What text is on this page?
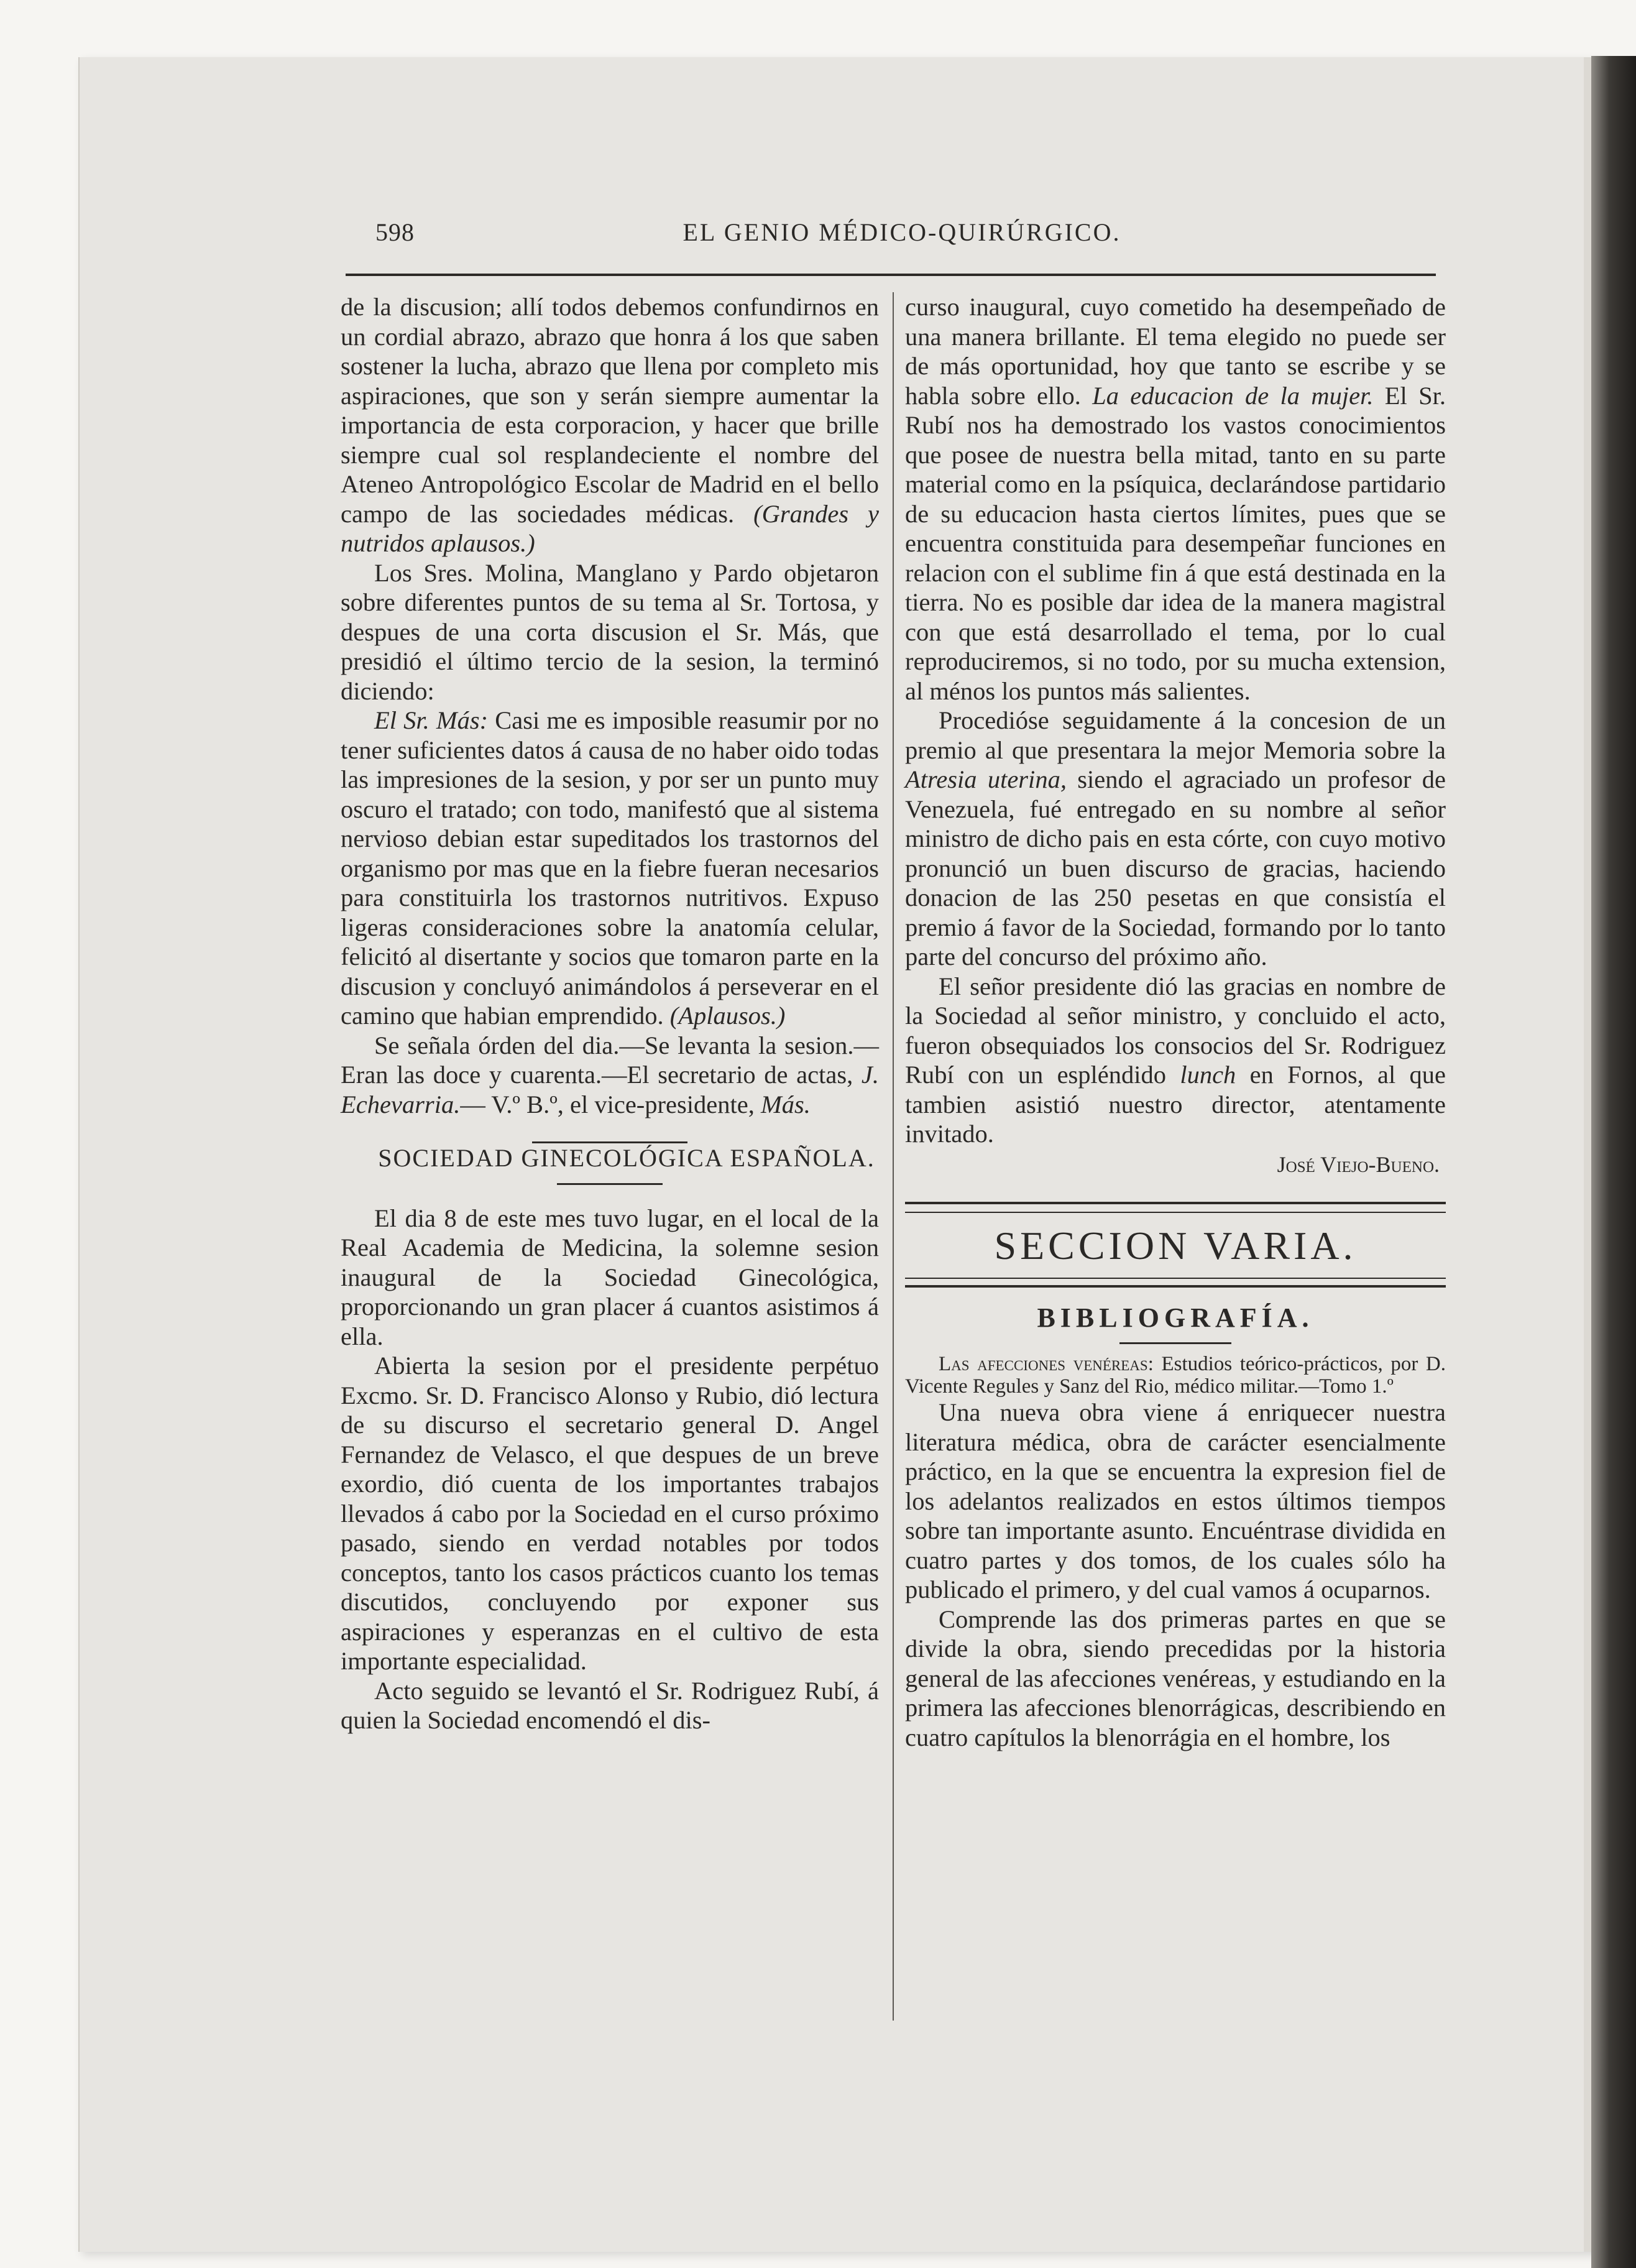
598	EL GENIO MÉDICO-QUIRÚRGICO.

de la discusion; allí todos debemos confundirnos en un cordial abrazo, abrazo que honra á los que saben sostener la lucha, abrazo que llena por completo mis aspiraciones, que son y serán siempre aumentar la importancia de esta corporacion, y hacer que brille siempre cual sol resplandeciente el nombre del Ateneo Antropológico Escolar de Madrid en el bello campo de las sociedades médicas. (Grandes y nutridos aplausos.)

Los Sres. Molina, Manglano y Pardo objetaron sobre diferentes puntos de su tema al Sr. Tortosa, y despues de una corta discusion el Sr. Más, que presidió el último tercio de la sesion, la terminó diciendo:

El Sr. Más: Casi me es imposible reasumir por no tener suficientes datos á causa de no haber oido todas las impresiones de la sesion, y por ser un punto muy oscuro el tratado; con todo, manifestó que al sistema nervioso debian estar supeditados los trastornos del organismo por mas que en la fiebre fueran necesarios para constituirla los trastornos nutritivos. Expuso ligeras consideraciones sobre la anatomía celular, felicitó al disertante y socios que tomaron parte en la discusion y concluyó animándolos á perseverar en el camino que habian emprendido. (Aplausos.)

Se señala órden del dia.—Se levanta la sesion.—Eran las doce y cuarenta.—El secretario de actas, J. Echevarria.— V.º B.º, el vice-presidente, Más.

SOCIEDAD GINECOLÓGICA ESPAÑOLA.

El dia 8 de este mes tuvo lugar, en el local de la Real Academia de Medicina, la solemne sesion inaugural de la Sociedad Ginecológica, proporcionando un gran placer á cuantos asistimos á ella.

Abierta la sesion por el presidente perpétuo Excmo. Sr. D. Francisco Alonso y Rubio, dió lectura de su discurso el secretario general D. Angel Fernandez de Velasco, el que despues de un breve exordio, dió cuenta de los importantes trabajos llevados á cabo por la Sociedad en el curso próximo pasado, siendo en verdad notables por todos conceptos, tanto los casos prácticos cuanto los temas discutidos, concluyendo por exponer sus aspiraciones y esperanzas en el cultivo de esta importante especialidad.

Acto seguido se levantó el Sr. Rodriguez Rubí, á quien la Sociedad encomendó el dis-

curso inaugural, cuyo cometido ha desempeñado de una manera brillante. El tema elegido no puede ser de más oportunidad, hoy que tanto se escribe y se habla sobre ello. La educacion de la mujer. El Sr. Rubí nos ha demostrado los vastos conocimientos que posee de nuestra bella mitad, tanto en su parte material como en la psíquica, declarándose partidario de su educacion hasta ciertos límites, pues que se encuentra constituida para desempeñar funciones en relacion con el sublime fin á que está destinada en la tierra. No es posible dar idea de la manera magistral con que está desarrollado el tema, por lo cual reproduciremos, si no todo, por su mucha extension, al ménos los puntos más salientes.

Procedióse seguidamente á la concesion de un premio al que presentara la mejor Memoria sobre la Atresia uterina, siendo el agraciado un profesor de Venezuela, fué entregado en su nombre al señor ministro de dicho pais en esta córte, con cuyo motivo pronunció un buen discurso de gracias, haciendo donacion de las 250 pesetas en que consistía el premio á favor de la Sociedad, formando por lo tanto parte del concurso del próximo año.

El señor presidente dió las gracias en nombre de la Sociedad al señor ministro, y concluido el acto, fueron obsequiados los consocios del Sr. Rodriguez Rubí con un espléndido lunch en Fornos, al que tambien asistió nuestro director, atentamente invitado.

José Viejo-Bueno.

SECCION VARIA.
BIBLIOGRAFÍA.

Las afecciones venéreas: Estudios teórico-prácticos, por D. Vicente Regules y Sanz del Rio, médico militar.—Tomo 1.º

Una nueva obra viene á enriquecer nuestra literatura médica, obra de carácter esencialmente práctico, en la que se encuentra la expresion fiel de los adelantos realizados en estos últimos tiempos sobre tan importante asunto. Encuéntrase dividida en cuatro partes y dos tomos, de los cuales sólo ha publicado el primero, y del cual vamos á ocuparnos.

Comprende las dos primeras partes en que se divide la obra, siendo precedidas por la historia general de las afecciones venéreas, y estudiando en la primera las afecciones blenorrágicas, describiendo en cuatro capítulos la blenorrágia en el hombre, los
